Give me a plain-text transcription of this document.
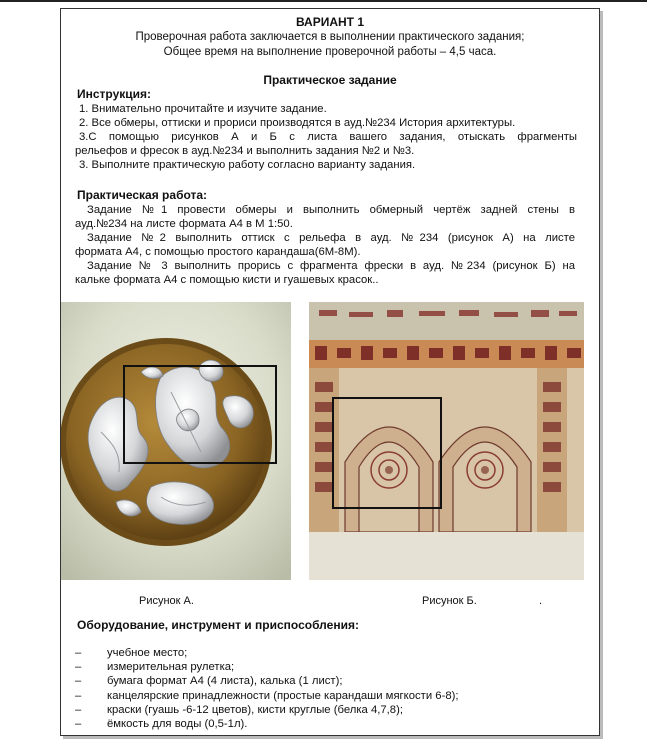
ВАРИАНТ 1
Проверочная работа заключается в выполнении практического задания;
Общее время на выполнение проверочной работы – 4,5 часа.
Практическое задание
Инструкция:
1. Внимательно прочитайте и изучите задание.
2. Все обмеры, оттиски и прориси производятся в ауд.№234 История архитектуры.
3.С помощью рисунков А и Б с листа вашего задания, отыскать фрагменты
рельефов и фресок в ауд.№234 и выполнить задания №2 и №3.
3. Выполните практическую работу согласно варианту задания.
Практическая работа:
Задание №1 провести обмеры и выполнить обмерный чертёж задней стены в
ауд.№234 на листе формата А4 в М 1:50.
Задание №2 выполнить оттиск с рельефа в ауд. №234 (рисунок А) на листе
формата А4, с помощью простого карандаша(6М-8М).
Задание № 3 выполнить прорись с фрагмента фрески в ауд. №234 (рисунок Б) на
кальке формата А4 с помощью кисти и гуашевых красок..
Рисунок А.	Рисунок Б.	.
Оборудование, инструмент и приспособления:
– учебное место;
– измерительная рулетка;
– бумага формат А4 (4 листа), калька (1 лист);
– канцелярские принадлежности (простые карандаши мягкости 6-8);
– краски (гуашь -6-12 цветов), кисти круглые (белка 4,7,8);
– ёмкость для воды (0,5-1л).
